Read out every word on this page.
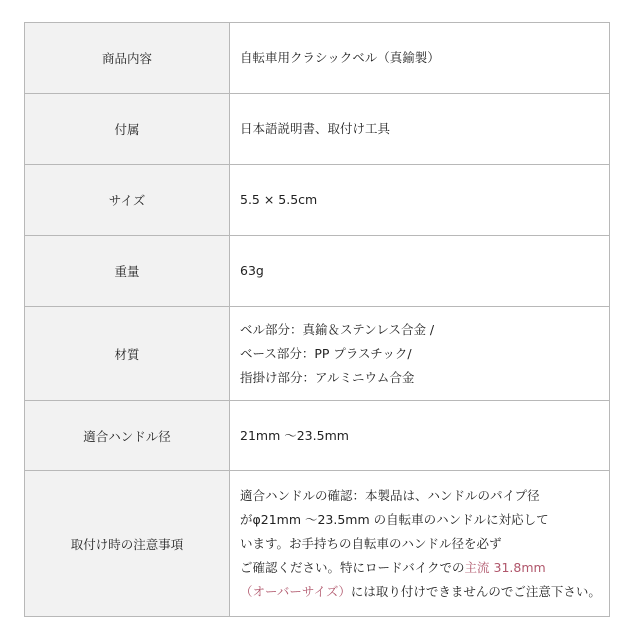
商品内容	自転車用クラシックベル（真鍮製）

付属	日本語説明書、取付け工具

サイズ	5.5 × 5.5cm

重量	63g

材質	ベル部分：真鍮＆ステンレス合金 /
ベース部分：PP プラスチック/
指掛け部分：アルミニウム合金

適合ハンドル径	21mm 〜23.5mm

取付け時の注意事項	適合ハンドルの確認：本製品は、ハンドルのパイプ径
がφ21mm 〜23.5mm の自転車のハンドルに対応して
います。お手持ちの自転車のハンドル径を必ず
ご確認ください。特にロードバイクでの主流 31.8mm
（オーバーサイズ）には取り付けできませんのでご注意下さい。
